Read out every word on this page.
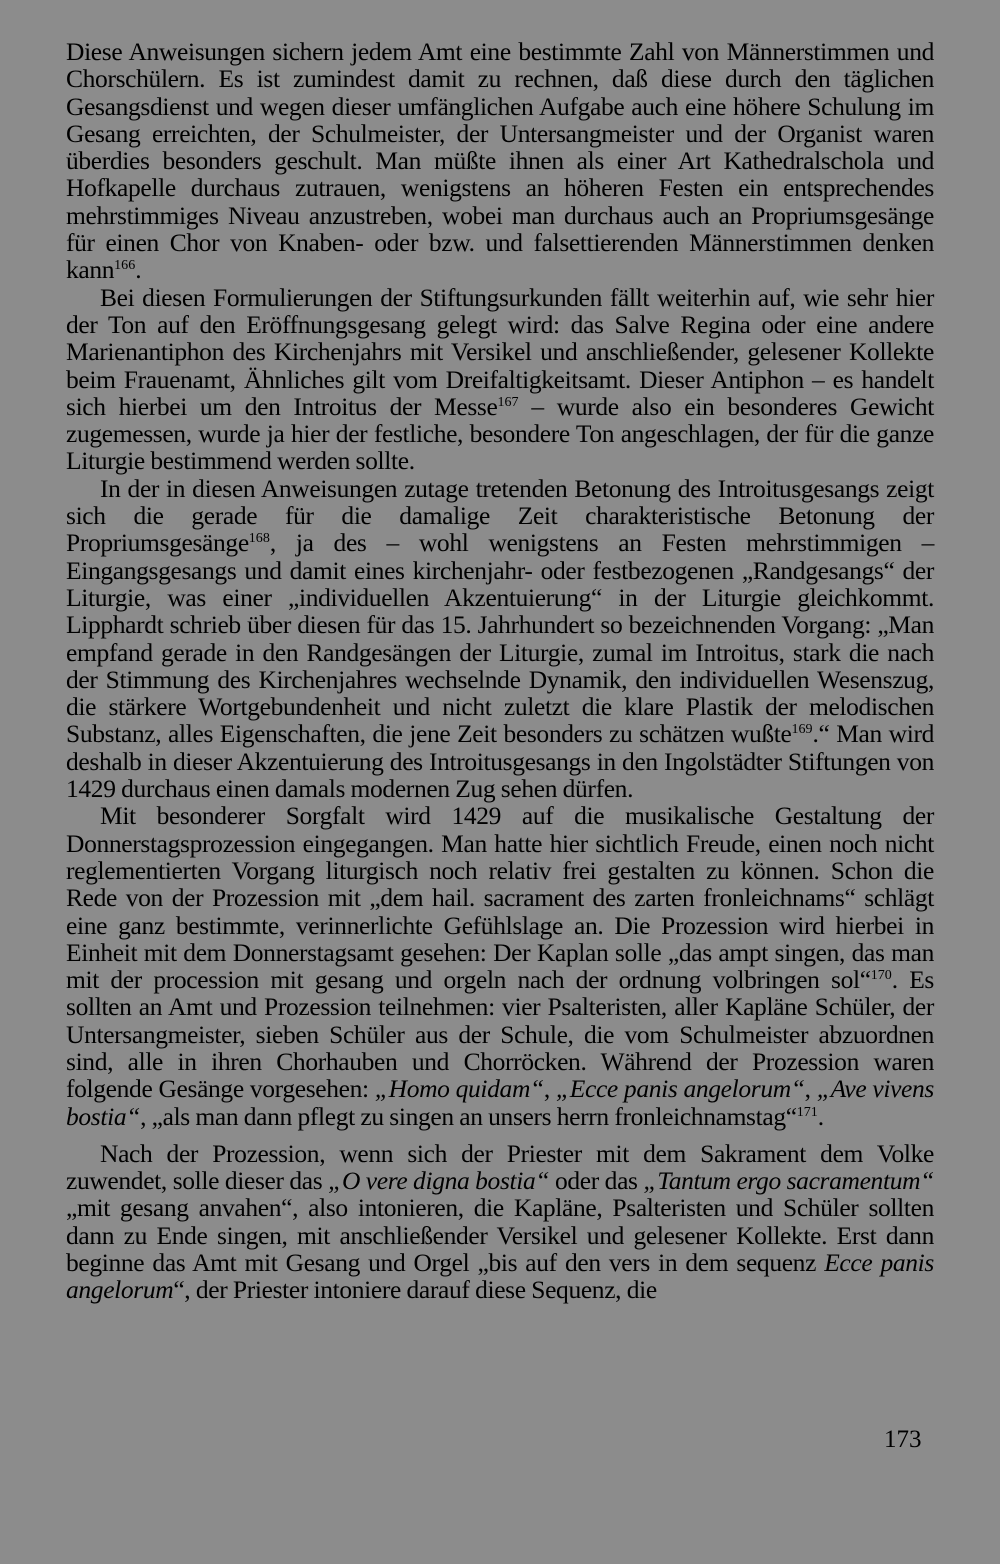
Diese Anweisungen sichern jedem Amt eine bestimmte Zahl von Männerstimmen und Chorschülern. Es ist zumindest damit zu rechnen, daß diese durch den täglichen Gesangsdienst und wegen dieser umfänglichen Aufgabe auch eine höhere Schulung im Gesang erreichten, der Schulmeister, der Untersangmeister und der Organist waren überdies besonders geschult. Man müßte ihnen als einer Art Kathedralschola und Hofkapelle durchaus zutrauen, wenigstens an höheren Festen ein entsprechendes mehrstimmiges Niveau anzustreben, wobei man durchaus auch an Propriumsgesänge für einen Chor von Knaben- oder bzw. und falsettierenden Männerstimmen denken kann$^{166}$.

Bei diesen Formulierungen der Stiftungsurkunden fällt weiterhin auf, wie sehr hier der Ton auf den Eröffnungsgesang gelegt wird: das Salve Regina oder eine andere Marienantiphon des Kirchenjahrs mit Versikel und anschließender, gelesener Kollekte beim Frauenamt, Ähnliches gilt vom Dreifaltigkeitsamt. Dieser Antiphon – es handelt sich hierbei um den Introitus der Messe$^{167}$ – wurde also ein besonderes Gewicht zugemessen, wurde ja hier der festliche, besondere Ton angeschlagen, der für die ganze Liturgie bestimmend werden sollte.

In der in diesen Anweisungen zutage tretenden Betonung des Introitusgesangs zeigt sich die gerade für die damalige Zeit charakteristische Betonung der Propriumsgesänge$^{168}$, ja des – wohl wenigstens an Festen mehrstimmigen – Eingangsgesangs und damit eines kirchenjahr- oder festbezogenen „Randgesangs“ der Liturgie, was einer „individuellen Akzentuierung“ in der Liturgie gleichkommt. Lipphardt schrieb über diesen für das 15. Jahrhundert so bezeichnenden Vorgang: „Man empfand gerade in den Randgesängen der Liturgie, zumal im Introitus, stark die nach der Stimmung des Kirchenjahres wechselnde Dynamik, den individuellen Wesenszug, die stärkere Wortgebundenheit und nicht zuletzt die klare Plastik der melodischen Substanz, alles Eigenschaften, die jene Zeit besonders zu schätzen wußte$^{169}$.“ Man wird deshalb in dieser Akzentuierung des Introitusgesangs in den Ingolstädter Stiftungen von 1429 durchaus einen damals modernen Zug sehen dürfen.

Mit besonderer Sorgfalt wird 1429 auf die musikalische Gestaltung der Donnerstagsprozession eingegangen. Man hatte hier sichtlich Freude, einen noch nicht reglementierten Vorgang liturgisch noch relativ frei gestalten zu können. Schon die Rede von der Prozession mit „dem hail. sacrament des zarten fronleichnams“ schlägt eine ganz bestimmte, verinnerlichte Gefühlslage an. Die Prozession wird hierbei in Einheit mit dem Donnerstagsamt gesehen: Der Kaplan solle „das ampt singen, das man mit der procession mit gesang und orgeln nach der ordnung volbringen sol“$^{170}$. Es sollten an Amt und Prozession teilnehmen: vier Psalteristen, aller Kapläne Schüler, der Untersangmeister, sieben Schüler aus der Schule, die vom Schulmeister abzuordnen sind, alle in ihren Chorhauben und Chorröcken. Während der Prozession waren folgende Gesänge vorgesehen: „Homo quidam“, „Ecce panis angelorum“, „Ave vivens bostia“, „als man dann pflegt zu singen an unsers herrn fronleichnamstag“$^{171}$.

Nach der Prozession, wenn sich der Priester mit dem Sakrament dem Volke zuwendet, solle dieser das „O vere digna bostia“ oder das „Tantum ergo sacramentum“ „mit gesang anvahen“, also intonieren, die Kapläne, Psalteristen und Schüler sollten dann zu Ende singen, mit anschließender Versikel und gelesener Kollekte. Erst dann beginne das Amt mit Gesang und Orgel „bis auf den vers in dem sequenz Ecce panis angelorum“, der Priester intoniere darauf diese Sequenz, die

173
